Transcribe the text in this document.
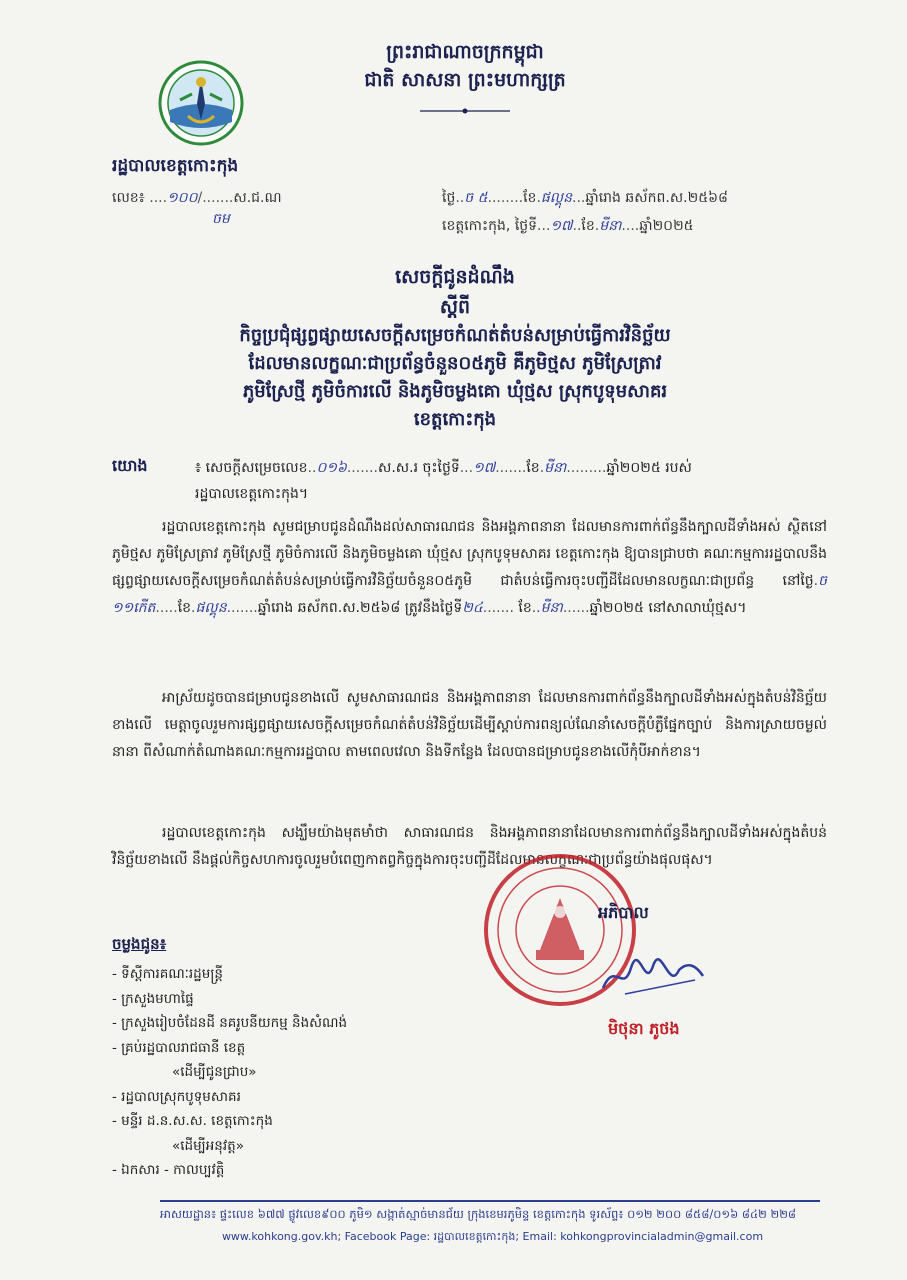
ព្រះរាជាណាចក្រកម្ពុជា
ជាតិ សាសនា ព្រះមហាក្សត្រ
រដ្ឋបាលខេត្តកោះកុង
លេខ៖ ....១០០/.......ស.ជ.ណ
ចម
ថ្ងៃ..ច ៥........ខែ.ផល្គុន...ឆ្នាំរោង ឆស័កព.ស.២៥៦៨
ខេត្តកោះកុង, ថ្ងៃទី...១៧..ខែ.មីនា....ឆ្នាំ២០២៥
សេចក្ដីជូនដំណឹង
ស្ដីពី
កិច្ចប្រជុំផ្សព្វផ្សាយសេចក្ដីសម្រេចកំណត់តំបន់សម្រាប់ធ្វើការវិនិច្ឆ័យ
ដែលមានលក្ខណៈជាប្រព័ន្ធចំនួន០៥ភូមិ គឺភូមិថ្មស ភូមិស្រែត្រាវ
ភូមិស្រែថ្មី ភូមិចំការលើ និងភូមិចម្លងគោ ឃុំថ្មស ស្រុកបូទុមសាគរ
ខេត្តកោះកុង
យោង	៖ សេចក្ដីសម្រេចលេខ..០១៦.......ស.ស.រ ចុះថ្ងៃទី...១៧.......ខែ.មីនា.........ឆ្នាំ២០២៥ របស់
រដ្ឋបាលខេត្តកោះកុង។
រដ្ឋបាលខេត្តកោះកុង សូមជម្រាបជូនដំណឹងដល់សាធារណជន និងអង្គភាពនានា ដែលមានការពាក់ព័ន្ធនឹងក្បាលដីទាំងអស់ ស្ថិតនៅភូមិថ្មស ភូមិស្រែត្រាវ ភូមិស្រែថ្មី ភូមិចំការលើ និងភូមិចម្លងគោ ឃុំថ្មស ស្រុកបូទុមសាគរ ខេត្តកោះកុង ឱ្យបានជ្រាបថា គណៈកម្មការរដ្ឋបាលនឹងផ្សព្វផ្សាយសេចក្ដីសម្រេចកំណត់តំបន់សម្រាប់ធ្វើការវិនិច្ឆ័យចំនួន០៥ភូមិ ជាតំបន់ធ្វើការចុះបញ្ជីដីដែលមានលក្ខណៈជាប្រព័ន្ធ នៅថ្ងៃ.ច ១១កើត.....ខែ.ផល្គុន.......ឆ្នាំរោង ឆស័កព.ស.២៥៦៨ ត្រូវនឹងថ្ងៃទី២៤....... ខែ..មីនា......ឆ្នាំ២០២៥ នៅសាលាឃុំថ្មស។
អាស្រ័យដូចបានជម្រាបជូនខាងលើ សូមសាធារណជន និងអង្គភាពនានា ដែលមានការពាក់ព័ន្ធនឹងក្បាលដីទាំងអស់ក្នុងតំបន់វិនិច្ឆ័យខាងលើ មេត្តាចូលរួមការផ្សព្វផ្សាយសេចក្ដីសម្រេចកំណត់តំបន់វិនិច្ឆ័យដើម្បីស្ដាប់ការពន្យល់ណែនាំសេចក្ដីបំភ្លឺផ្នែកច្បាប់ និងការស្រាយចម្ងល់នានា ពីសំណាក់តំណាងគណៈកម្មការរដ្ឋបាល តាមពេលវេលា និងទីកន្លែង ដែលបានជម្រាបជូនខាងលើកុំបីអាក់ខាន។
រដ្ឋបាលខេត្តកោះកុង សង្ឃឹមយ៉ាងមុតមាំថា សាធារណជន និងអង្គភាពនានាដែលមានការពាក់ព័ន្ធនឹងក្បាលដីទាំងអស់ក្នុងតំបន់វិនិច្ឆ័យខាងលើ នឹងផ្ដល់កិច្ចសហការចូលរួមបំពេញកាតព្វកិច្ចក្នុងការចុះបញ្ជីដីដែលមានលក្ខណៈជាប្រព័ន្ធយ៉ាងផុលផុស។
អភិបាល
មិថុនា ភូថង
ចម្លងជូន៖
- ទីស្ដីការគណៈរដ្ឋមន្ត្រី
- ក្រសួងមហាផ្ទៃ
- ក្រសួងរៀបចំដែនដី នគរូបនីយកម្ម និងសំណង់
- គ្រប់រដ្ឋបាលរាជធានី ខេត្ត
«ដើម្បីជូនជ្រាប»
- រដ្ឋបាលស្រុកបូទុមសាគរ
- មន្ទីរ ដ.ន.ស.ស. ខេត្តកោះកុង
«ដើម្បីអនុវត្ត»
- ឯកសារ - កាលប្បវត្តិ
អាសយដ្ឋាន៖ ផ្ទះលេខ ៦៧៧ ផ្លូវលេខ៩០០ ភូមិ១ សង្កាត់ស្មាច់មានជ័យ ក្រុងខេមរភូមិន្ទ ខេត្តកោះកុង ទូរស័ព្ទ៖ ០១២ ២០០ ៨៥៨/០១៦ ៨៤២ ២២៨
www.kohkong.gov.kh; Facebook Page: រដ្ឋបាលខេត្តកោះកុង; Email: kohkongprovincialadmin@gmail.com
